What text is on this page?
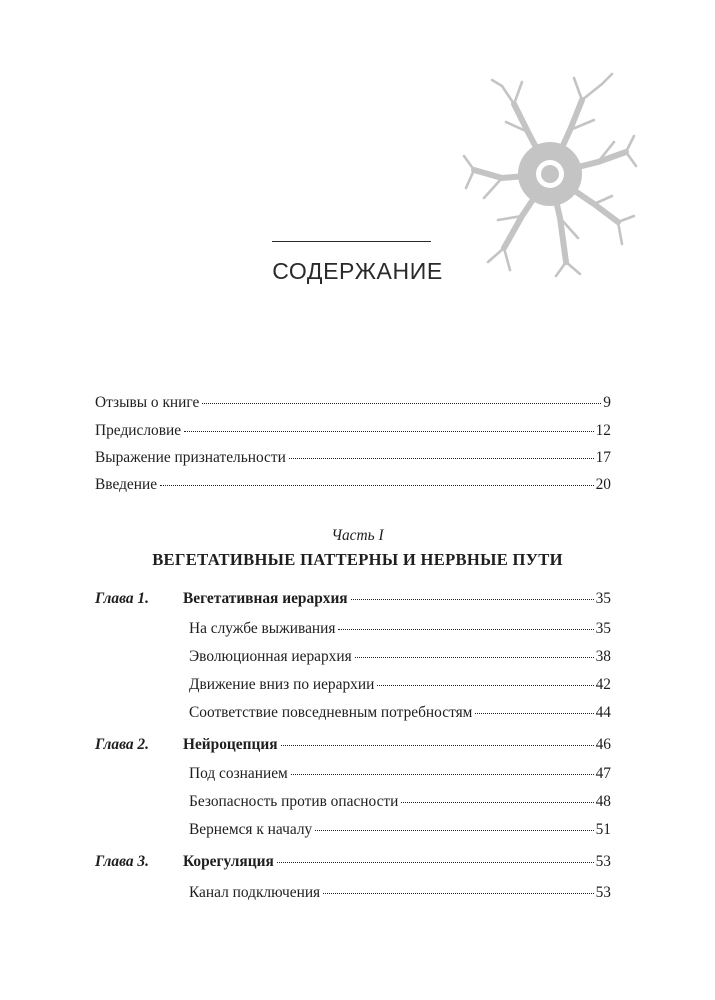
СОДЕРЖАНИЕ
Отзывы о книге	9
Предисловие	12
Выражение признательности	17
Введение	20
Часть I
ВЕГЕТАТИВНЫЕ ПАТТЕРНЫ И НЕРВНЫЕ ПУТИ
Глава 1.	Вегетативная иерархия	35
На службе выживания	35
Эволюционная иерархия	38
Движение вниз по иерархии	42
Соответствие повседневным потребностям	44
Глава 2.	Нейроцепция	46
Под сознанием	47
Безопасность против опасности	48
Вернемся к началу	51
Глава 3.	Корегуляция	53
Канал подключения	53
